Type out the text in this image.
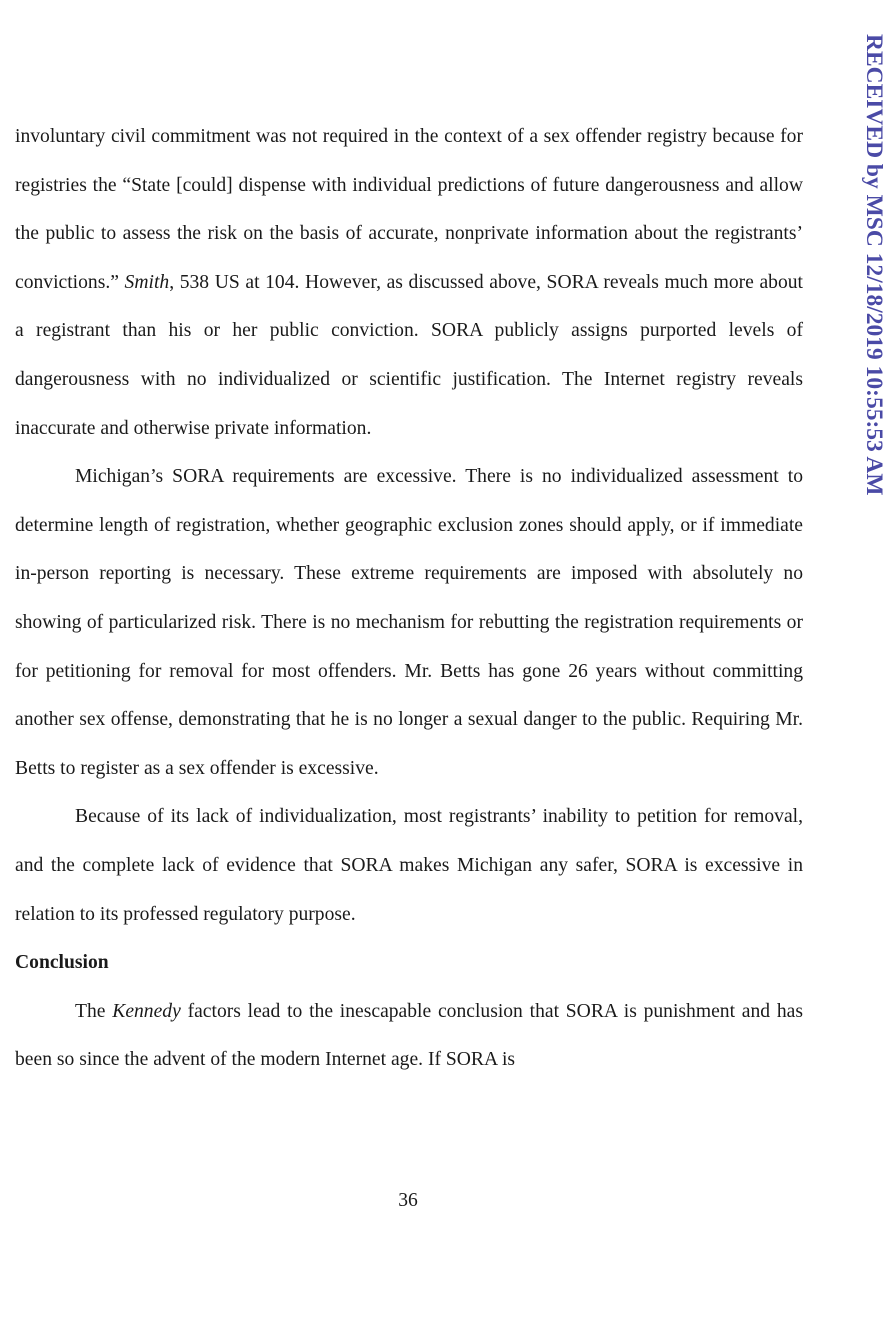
RECEIVED by MSC 12/18/2019 10:55:53 AM

involuntary civil commitment was not required in the context of a sex offender registry because for registries the “State [could] dispense with individual predictions of future dangerousness and allow the public to assess the risk on the basis of accurate, nonprivate information about the registrants’ convictions.” Smith, 538 US at 104. However, as discussed above, SORA reveals much more about a registrant than his or her public conviction. SORA publicly assigns purported levels of dangerousness with no individualized or scientific justification. The Internet registry reveals inaccurate and otherwise private information.

Michigan’s SORA requirements are excessive. There is no individualized assessment to determine length of registration, whether geographic exclusion zones should apply, or if immediate in-person reporting is necessary. These extreme requirements are imposed with absolutely no showing of particularized risk. There is no mechanism for rebutting the registration requirements or for petitioning for removal for most offenders. Mr. Betts has gone 26 years without committing another sex offense, demonstrating that he is no longer a sexual danger to the public. Requiring Mr. Betts to register as a sex offender is excessive.

Because of its lack of individualization, most registrants’ inability to petition for removal, and the complete lack of evidence that SORA makes Michigan any safer, SORA is excessive in relation to its professed regulatory purpose.

Conclusion

The Kennedy factors lead to the inescapable conclusion that SORA is punishment and has been so since the advent of the modern Internet age. If SORA is

36
